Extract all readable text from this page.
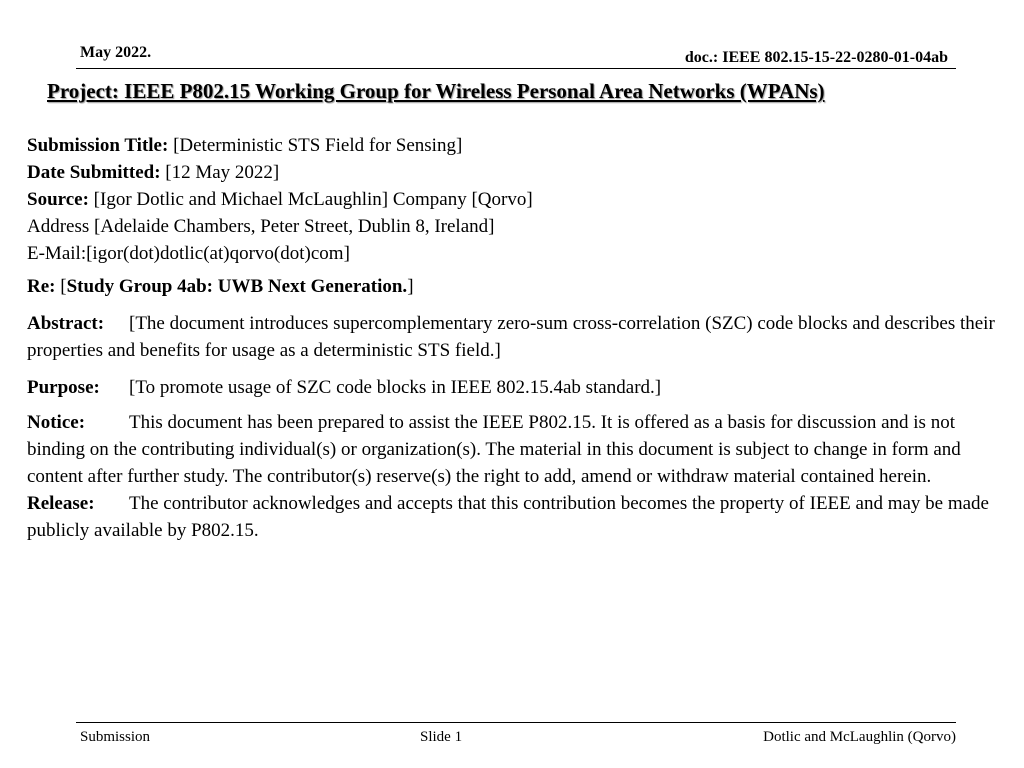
May 2022.	doc.: IEEE 802.15-15-22-0280-01-04ab
Project: IEEE P802.15 Working Group for Wireless Personal Area Networks (WPANs)

Submission Title: [Deterministic STS Field for Sensing]

Date Submitted: [12 May 2022]

Source: [Igor Dotlic and Michael McLaughlin] Company [Qorvo]

Address [Adelaide Chambers, Peter Street, Dublin 8, Ireland]

E-Mail:[igor(dot)dotlic(at)qorvo(dot)com]

Re: [Study Group 4ab: UWB Next Generation.]

Abstract: [The document introduces supercomplementary zero-sum cross-correlation (SZC) code blocks and describes their properties and benefits for usage as a deterministic STS field.]

Purpose: [To promote usage of SZC code blocks in IEEE 802.15.4ab standard.]

Notice: This document has been prepared to assist the IEEE P802.15. It is offered as a basis for discussion and is not binding on the contributing individual(s) or organization(s). The material in this document is subject to change in form and content after further study. The contributor(s) reserve(s) the right to add, amend or withdraw material contained herein.

Release: The contributor acknowledges and accepts that this contribution becomes the property of IEEE and may be made publicly available by P802.15.

Submission	Slide 1	Dotlic and McLaughlin (Qorvo)
